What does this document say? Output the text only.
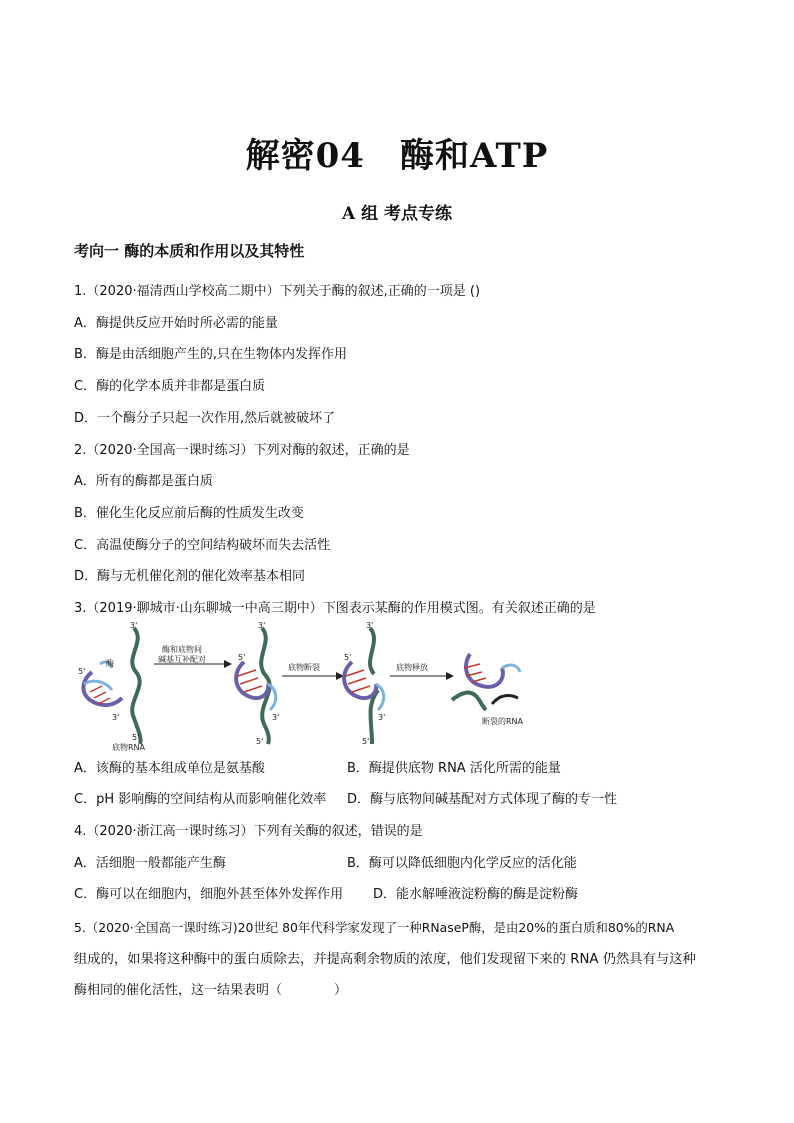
解密04　酶和ATP
A 组 考点专练
考向一 酶的本质和作用以及其特性
1.（2020·福清西山学校高二期中）下列关于酶的叙述,正确的一项是 ()
A．酶提供反应开始时所必需的能量
B．酶是由活细胞产生的,只在生物体内发挥作用
C．酶的化学本质并非都是蛋白质
D．一个酶分子只起一次作用,然后就被破坏了
2.（2020·全国高一课时练习）下列对酶的叙述，正确的是
A．所有的酶都是蛋白质
B．催化生化反应前后酶的性质发生改变
C．高温使酶分子的空间结构破坏而失去活性
D．酶与无机催化剂的催化效率基本相同
3.（2019·聊城市·山东聊城一中高三期中）下图表示某酶的作用模式图。有关叙述正确的是
酶
3'
5'
3'
5'
底物RNA
酶和底物间
碱基互补配对
3'
5'
3'
5'
底物断裂
3'
5'
3'
5'
底物释放
断裂的RNA
A．该酶的基本组成单位是氨基酸	B．酶提供底物 RNA 活化所需的能量
C．pH 影响酶的空间结构从而影响催化效率 D．酶与底物间碱基配对方式体现了酶的专一性
4.（2020·浙江高一课时练习）下列有关酶的叙述，错误的是
A．活细胞一般都能产生酶	B．酶可以降低细胞内化学反应的活化能
C．酶可以在细胞内，细胞外甚至体外发挥作用 D．能水解唾液淀粉酶的酶是淀粉酶
5.（2020·全国高一课时练习)20世纪 80年代科学家发现了一种RNaseP酶，是由20%的蛋白质和80%的RNA
组成的，如果将这种酶中的蛋白质除去，并提高剩余物质的浓度，他们发现留下来的 RNA 仍然具有与这种
酶相同的催化活性，这一结果表明（　　　　）
